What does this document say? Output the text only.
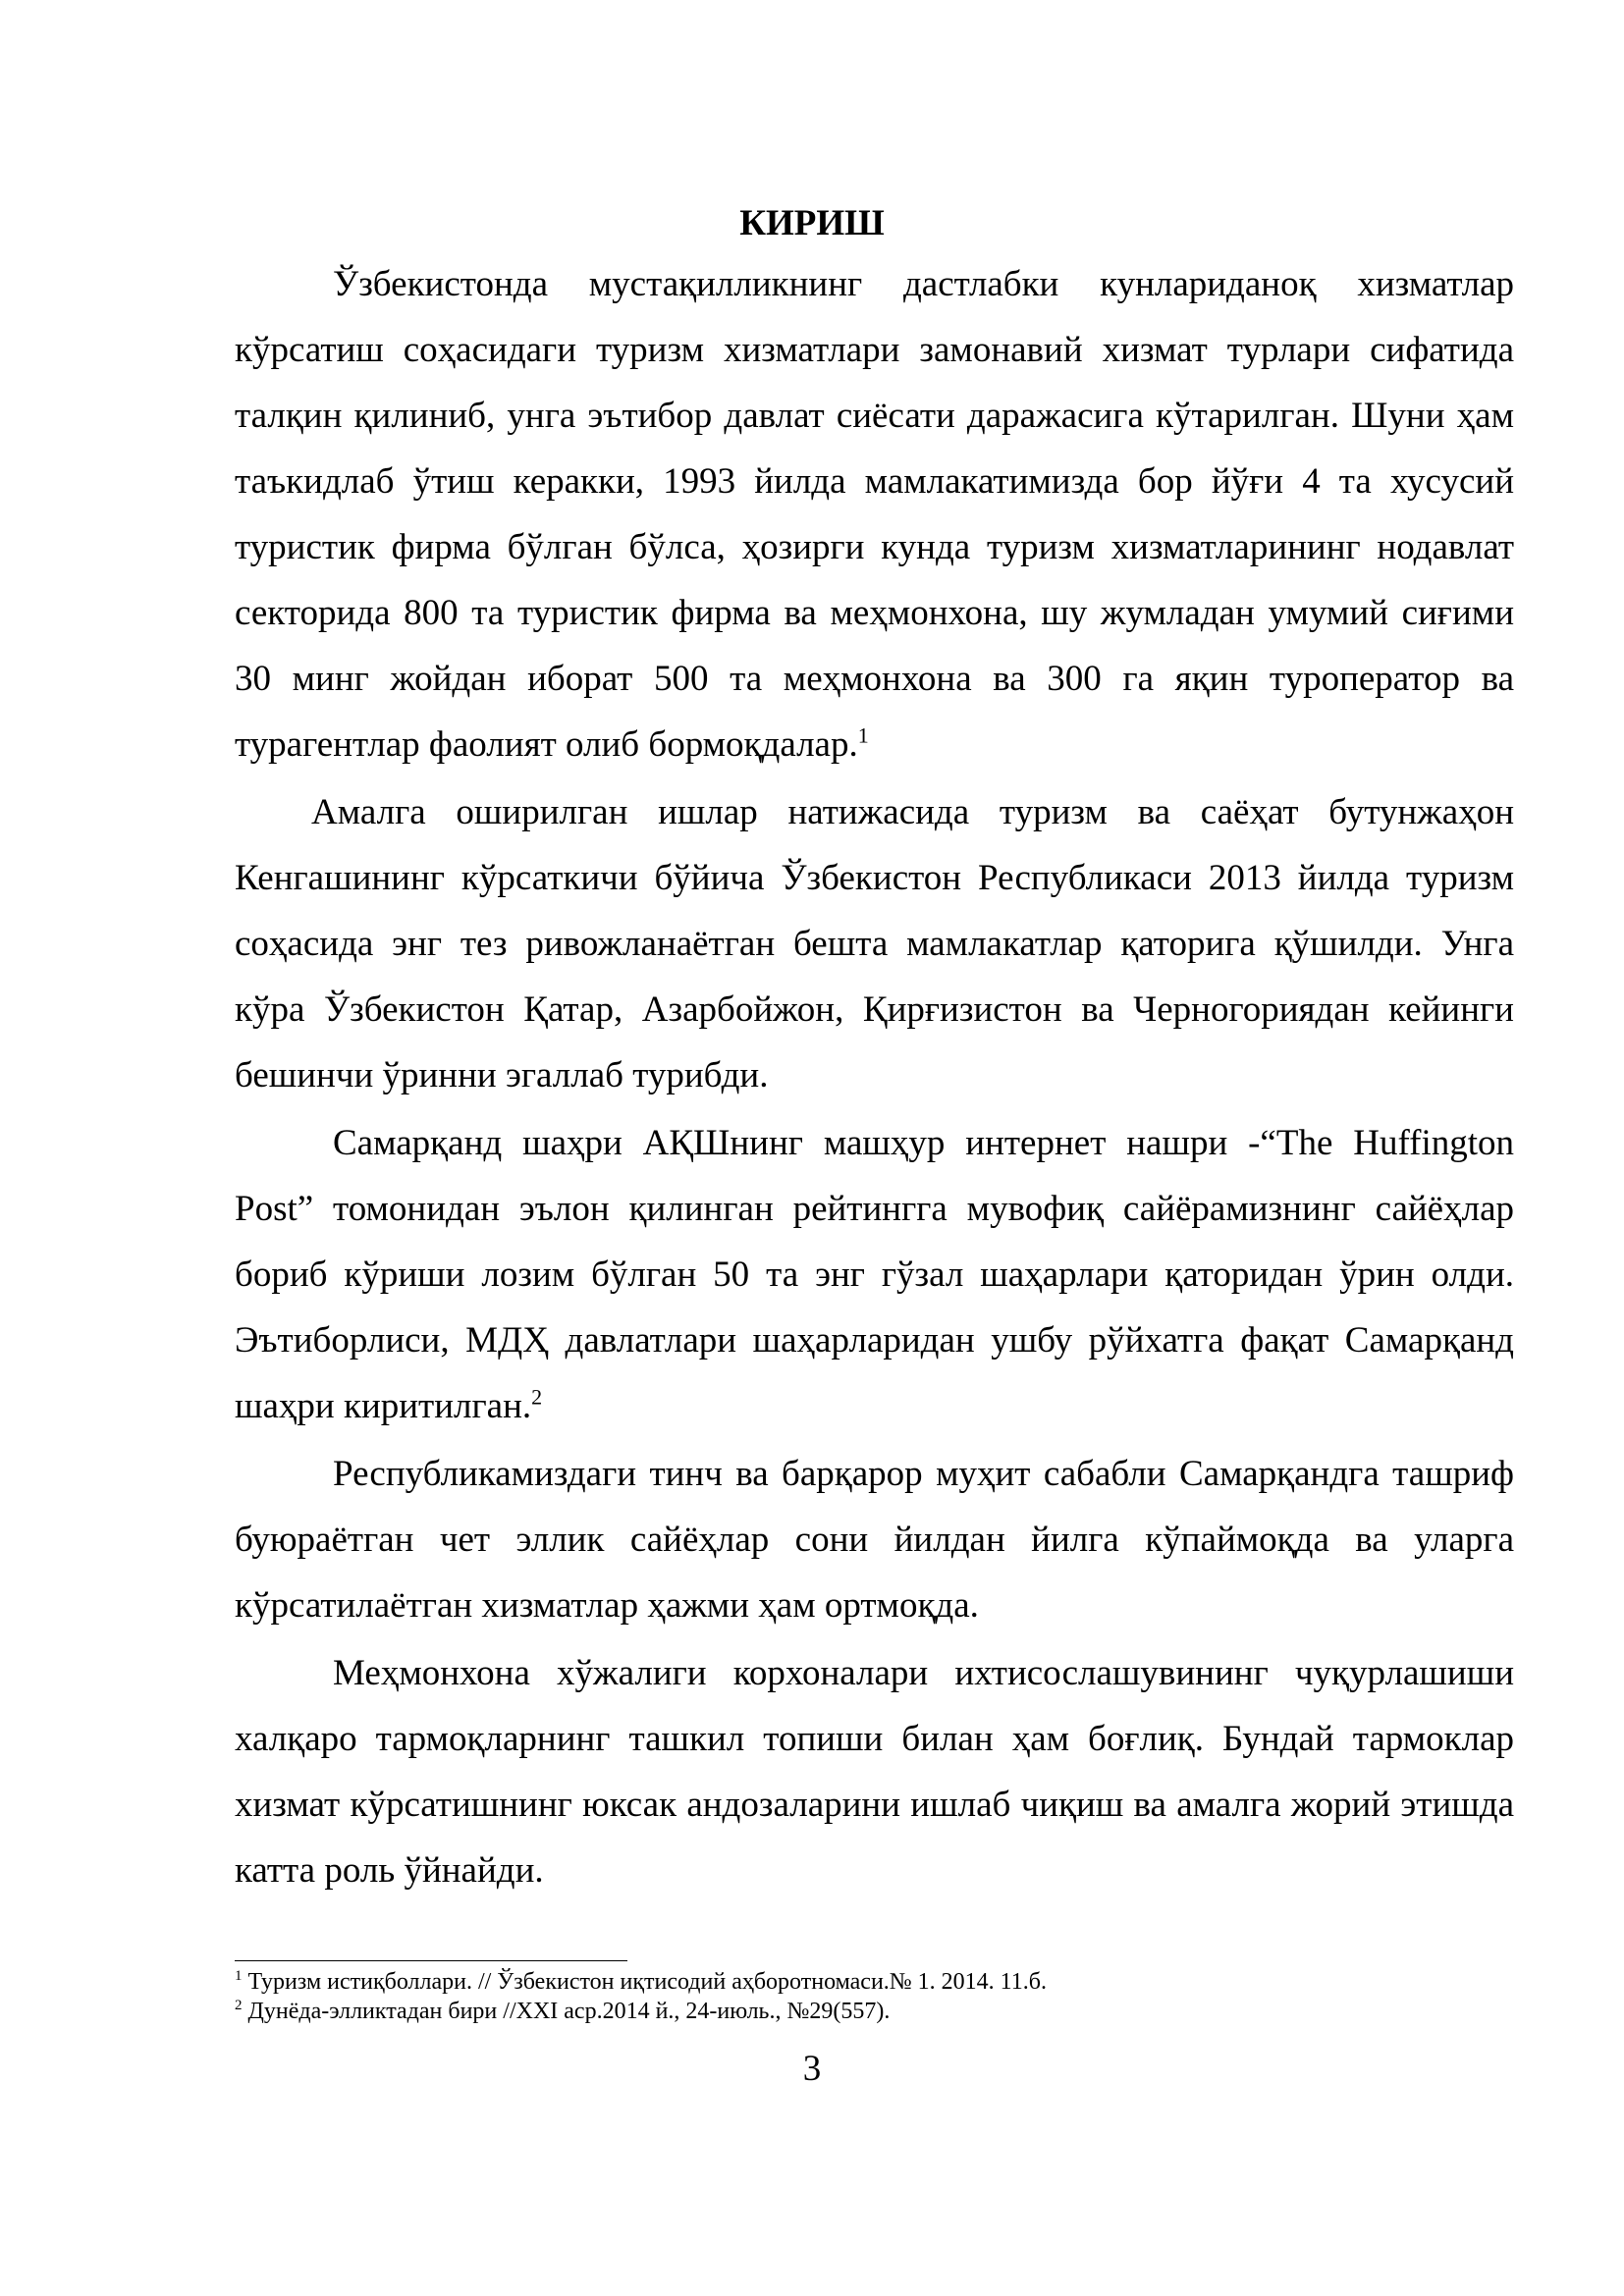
КИРИШ

Ўзбекистонда мустақилликнинг дастлабки кунлариданоқ хизматлар кўрсатиш соҳасидаги туризм хизматлари замонавий хизмат турлари сифатида талқин қилиниб, унга эътибор давлат сиёсати даражасига кўтарилган. Шуни ҳам таъкидлаб ўтиш керакки, 1993 йилда мамлакатимизда бор йўғи 4 та хусусий туристик фирма бўлган бўлса, ҳозирги кунда туризм хизматларининг нодавлат секторида 800 та туристик фирма ва меҳмонхона, шу жумладан умумий сиғими 30 минг жойдан иборат 500 та меҳмонхона ва 300 га яқин туроператор ва турагентлар фаолият олиб бормоқдалар.$^1$

Амалга оширилган ишлар натижасида туризм ва саёҳат бутунжаҳон Кенгашининг кўрсаткичи бўйича Ўзбекистон Республикаси 2013 йилда туризм соҳасида энг тез ривожланаётган бешта мамлакатлар қаторига қўшилди. Унга кўра Ўзбекистон Қатар, Азарбойжон, Қирғизистон ва Черногориядан кейинги бешинчи ўринни эгаллаб турибди.

Самарқанд шаҳри АҚШнинг машҳур интернет нашри -“The Huffington Post” томонидан эълон қилинган рейтингга мувофиқ сайёрамизнинг сайёҳлар бориб кўриши лозим бўлган 50 та энг гўзал шаҳарлари қаторидан ўрин олди. Эътиборлиси, МДҲ давлатлари шаҳарларидан ушбу рўйхатга фақат Самарқанд шаҳри киритилган.$^2$

Республикамиздаги тинч ва барқарор муҳит сабабли Самарқандга ташриф буюраётган чет эллик сайёҳлар сони йилдан йилга кўпаймоқда ва уларга кўрсатилаётган хизматлар ҳажми ҳам ортмоқда.

Меҳмонхона хўжалиги корхоналари ихтисослашувининг чуқурлашиши халқаро тармоқларнинг ташкил топиши билан ҳам боғлиқ. Бундай тармоклар хизмат кўрсатишнинг юксак андозаларини ишлаб чиқиш ва амалга жорий этишда катта роль ўйнайди.

$^1$ Туризм истиқболлари. // Ўзбекистон иқтисодий аҳборотномаси.№ 1. 2014. 11.б.

$^2$ Дунёда-элликтадан бири //XXI аср.2014 й., 24-июль., №29(557).

3
